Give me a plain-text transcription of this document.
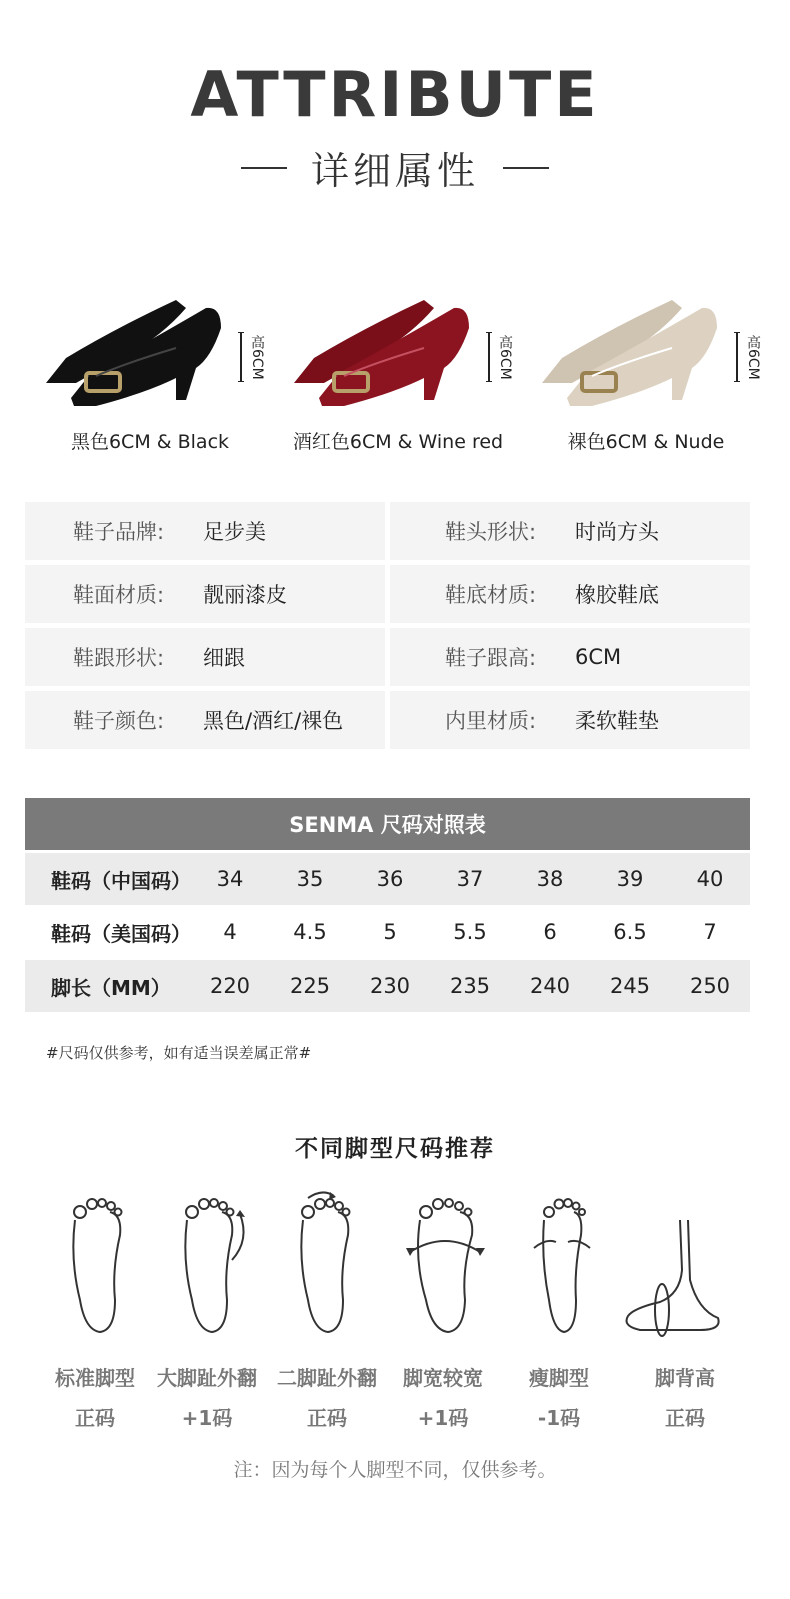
ATTRIBUTE
详细属性
高6CM
黑色6CM & Black
高6CM
酒红色6CM & Wine red
高6CM
裸色6CM & Nude
鞋子品牌:	足步美	鞋头形状:	时尚方头
鞋面材质:	靓丽漆皮	鞋底材质:	橡胶鞋底
鞋跟形状:	细跟	鞋子跟高:	6CM
鞋子颜色:	黑色/酒红/裸色	内里材质:	柔软鞋垫
SENMA 尺码对照表
鞋码（中国码）	34	35	36	37	38	39	40
鞋码（美国码）	4	4.5	5	5.5	6	6.5	7
脚长（MM）	220	225	230	235	240	245	250
#尺码仅供参考，如有适当误差属正常#
不同脚型尺码推荐
标准脚型
正码
大脚趾外翻
+1码
二脚趾外翻
正码
脚宽较宽
+1码
瘦脚型
-1码
脚背高
正码
注：因为每个人脚型不同，仅供参考。
